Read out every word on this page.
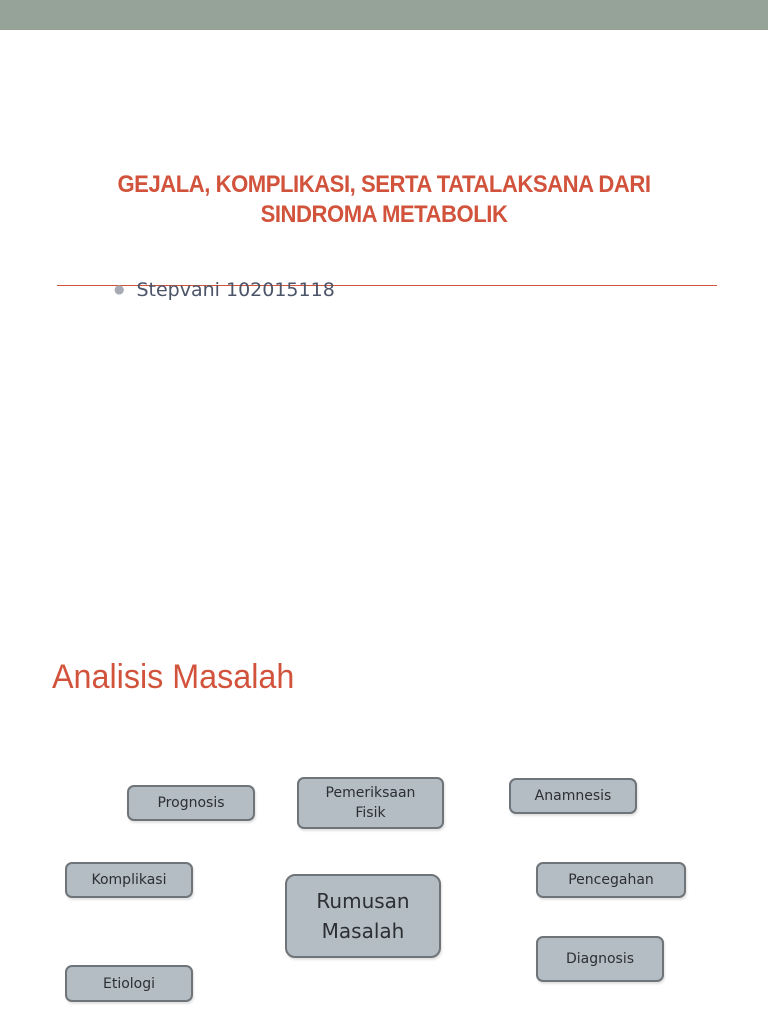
GEJALA, KOMPLIKASI, SERTA TATALAKSANA DARI
SINDROMA METABOLIK
● Stepvani 102015118
Analisis Masalah
Prognosis
Pemeriksaan
Fisik
Anamnesis
Komplikasi
Rumusan
Masalah
Pencegahan
Diagnosis
Etiologi
